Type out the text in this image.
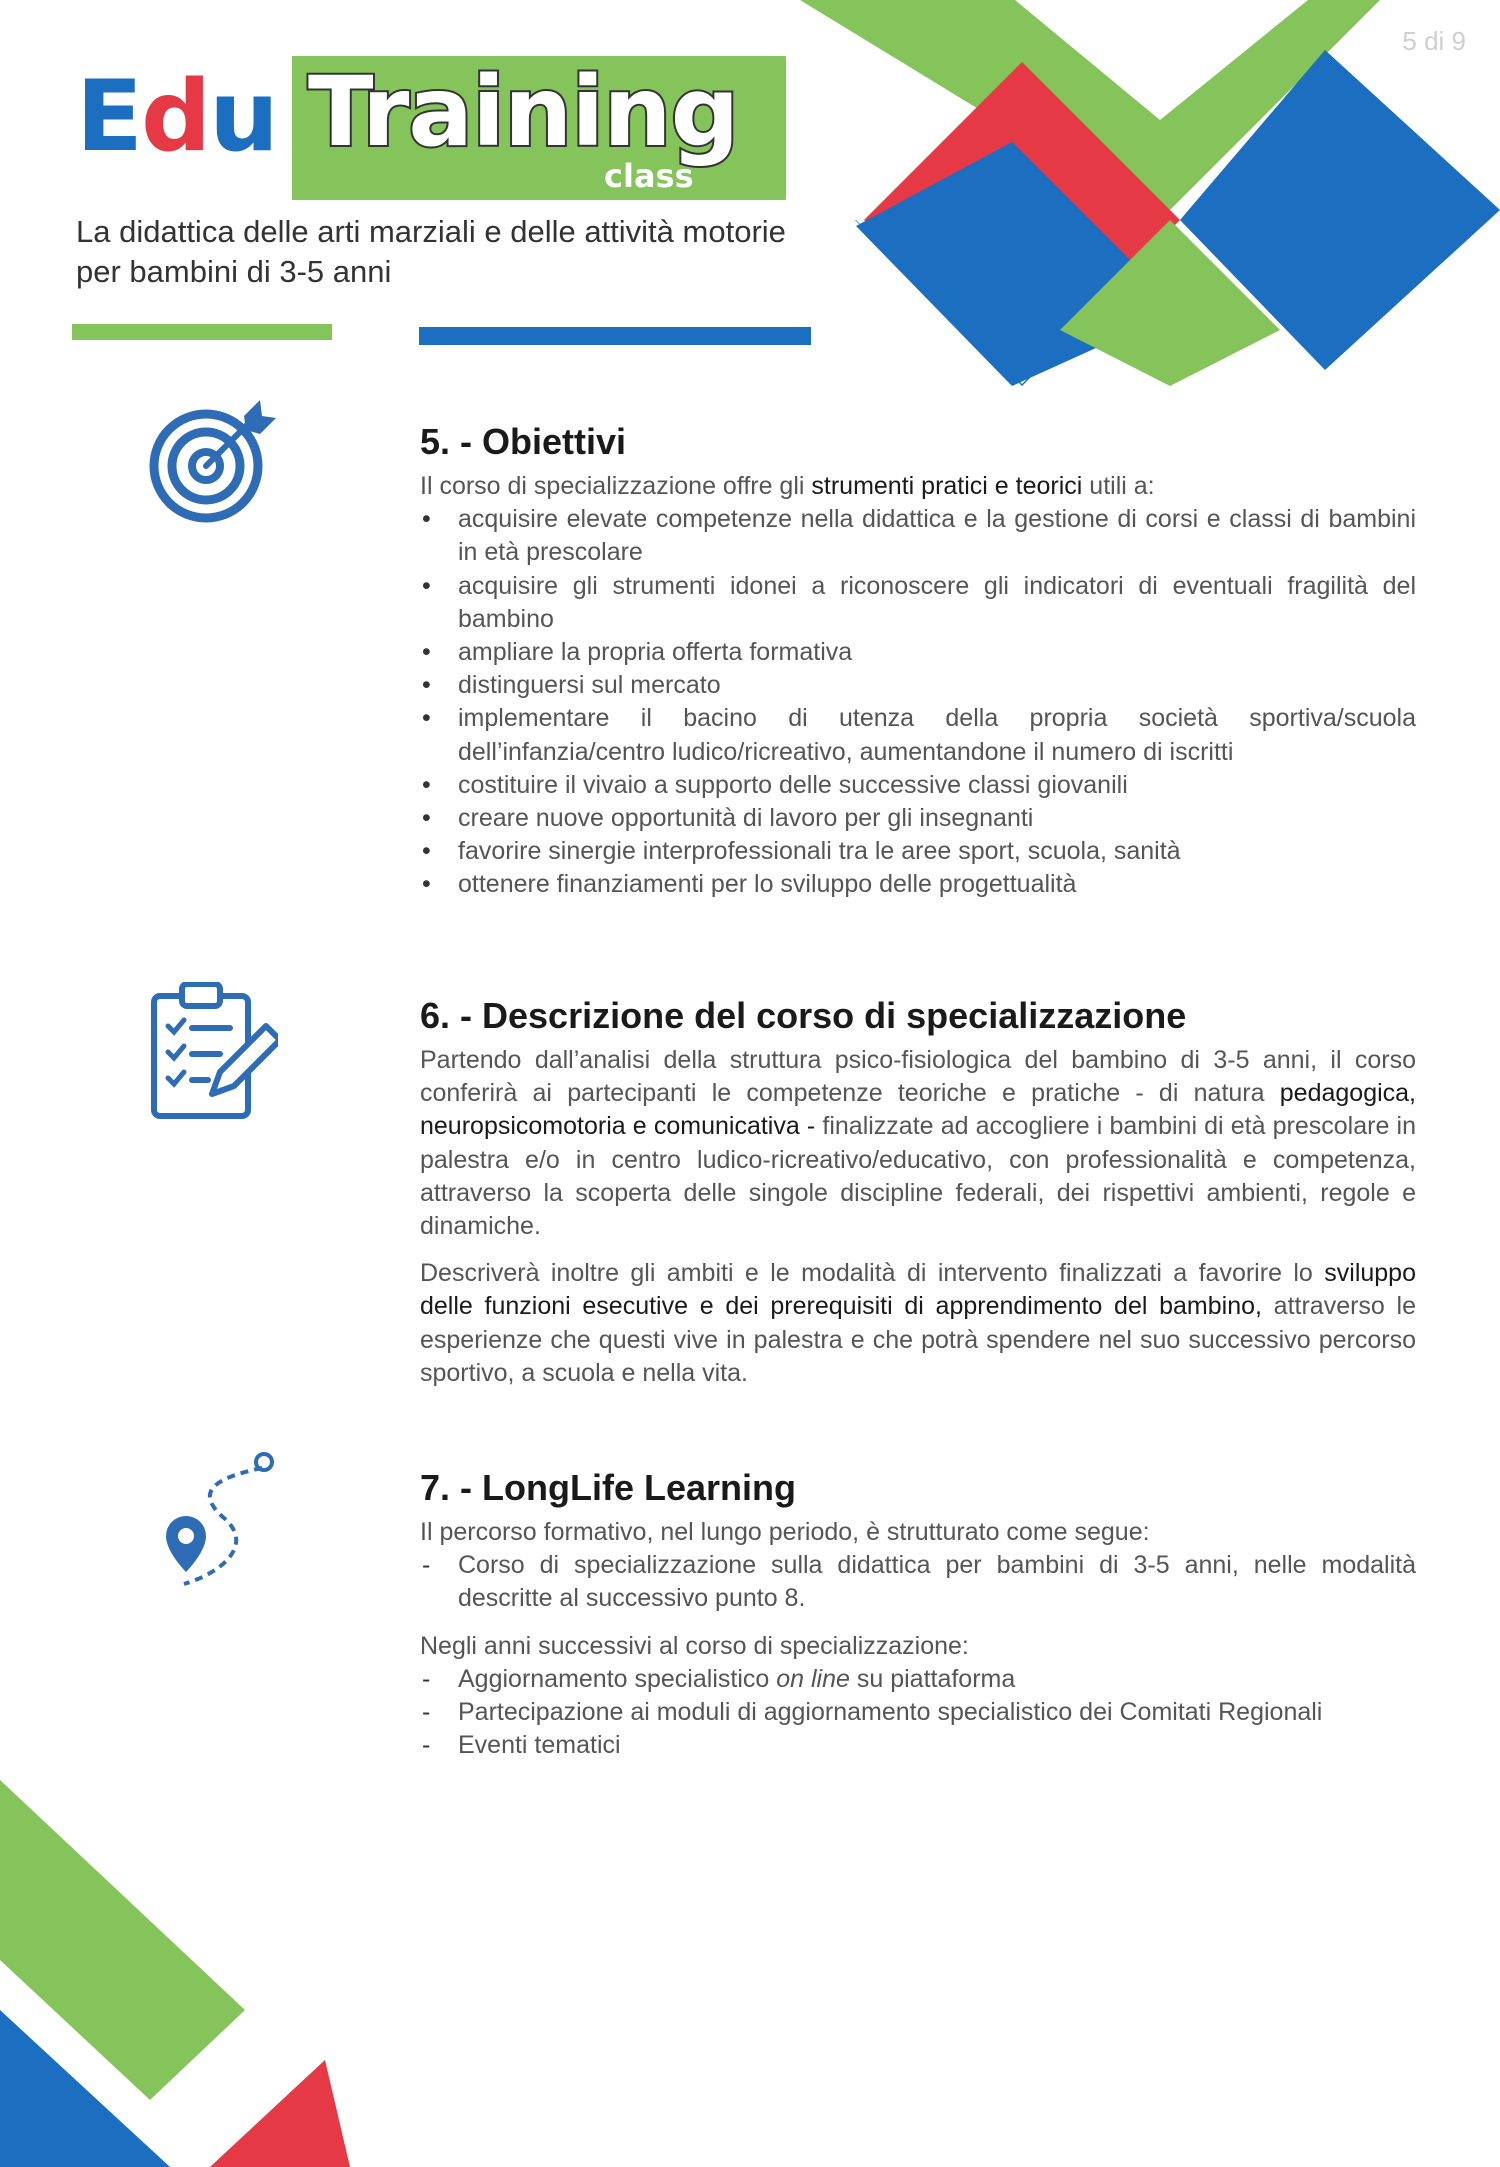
5 di 9
Edu Training
class
La didattica delle arti marziali e delle attività motorie per bambini di 3-5 anni
5. - Obiettivi

Il corso di specializzazione offre gli strumenti pratici e teorici utili a:

• acquisire elevate competenze nella didattica e la gestione di corsi e classi di bambini in età prescolare
• acquisire gli strumenti idonei a riconoscere gli indicatori di eventuali fragilità del bambino
• ampliare la propria offerta formativa
• distinguersi sul mercato
• implementare il bacino di utenza della propria società sportiva/scuola dell’infanzia/centro ludico/ricreativo, aumentandone il numero di iscritti
• costituire il vivaio a supporto delle successive classi giovanili
• creare nuove opportunità di lavoro per gli insegnanti
• favorire sinergie interprofessionali tra le aree sport, scuola, sanità
• ottenere finanziamenti per lo sviluppo delle progettualità
6. - Descrizione del corso di specializzazione

Partendo dall’analisi della struttura psico-fisiologica del bambino di 3-5 anni, il corso conferirà ai partecipanti le competenze teoriche e pratiche - di natura pedagogica, neuropsicomotoria e comunicativa - finalizzate ad accogliere i bambini di età prescolare in palestra e/o in centro ludico-ricreativo/educativo, con professionalità e competenza, attraverso la scoperta delle singole discipline federali, dei rispettivi ambienti, regole e dinamiche.

Descriverà inoltre gli ambiti e le modalità di intervento finalizzati a favorire lo sviluppo delle funzioni esecutive e dei prerequisiti di apprendimento del bambino, attraverso le esperienze che questi vive in palestra e che potrà spendere nel suo successivo percorso sportivo, a scuola e nella vita.

7. - LongLife Learning

Il percorso formativo, nel lungo periodo, è strutturato come segue:

- Corso di specializzazione sulla didattica per bambini di 3-5 anni, nelle modalità descritte al successivo punto 8.

Negli anni successivi al corso di specializzazione:

- Aggiornamento specialistico on line su piattaforma
- Partecipazione ai moduli di aggiornamento specialistico dei Comitati Regionali
- Eventi tematici
